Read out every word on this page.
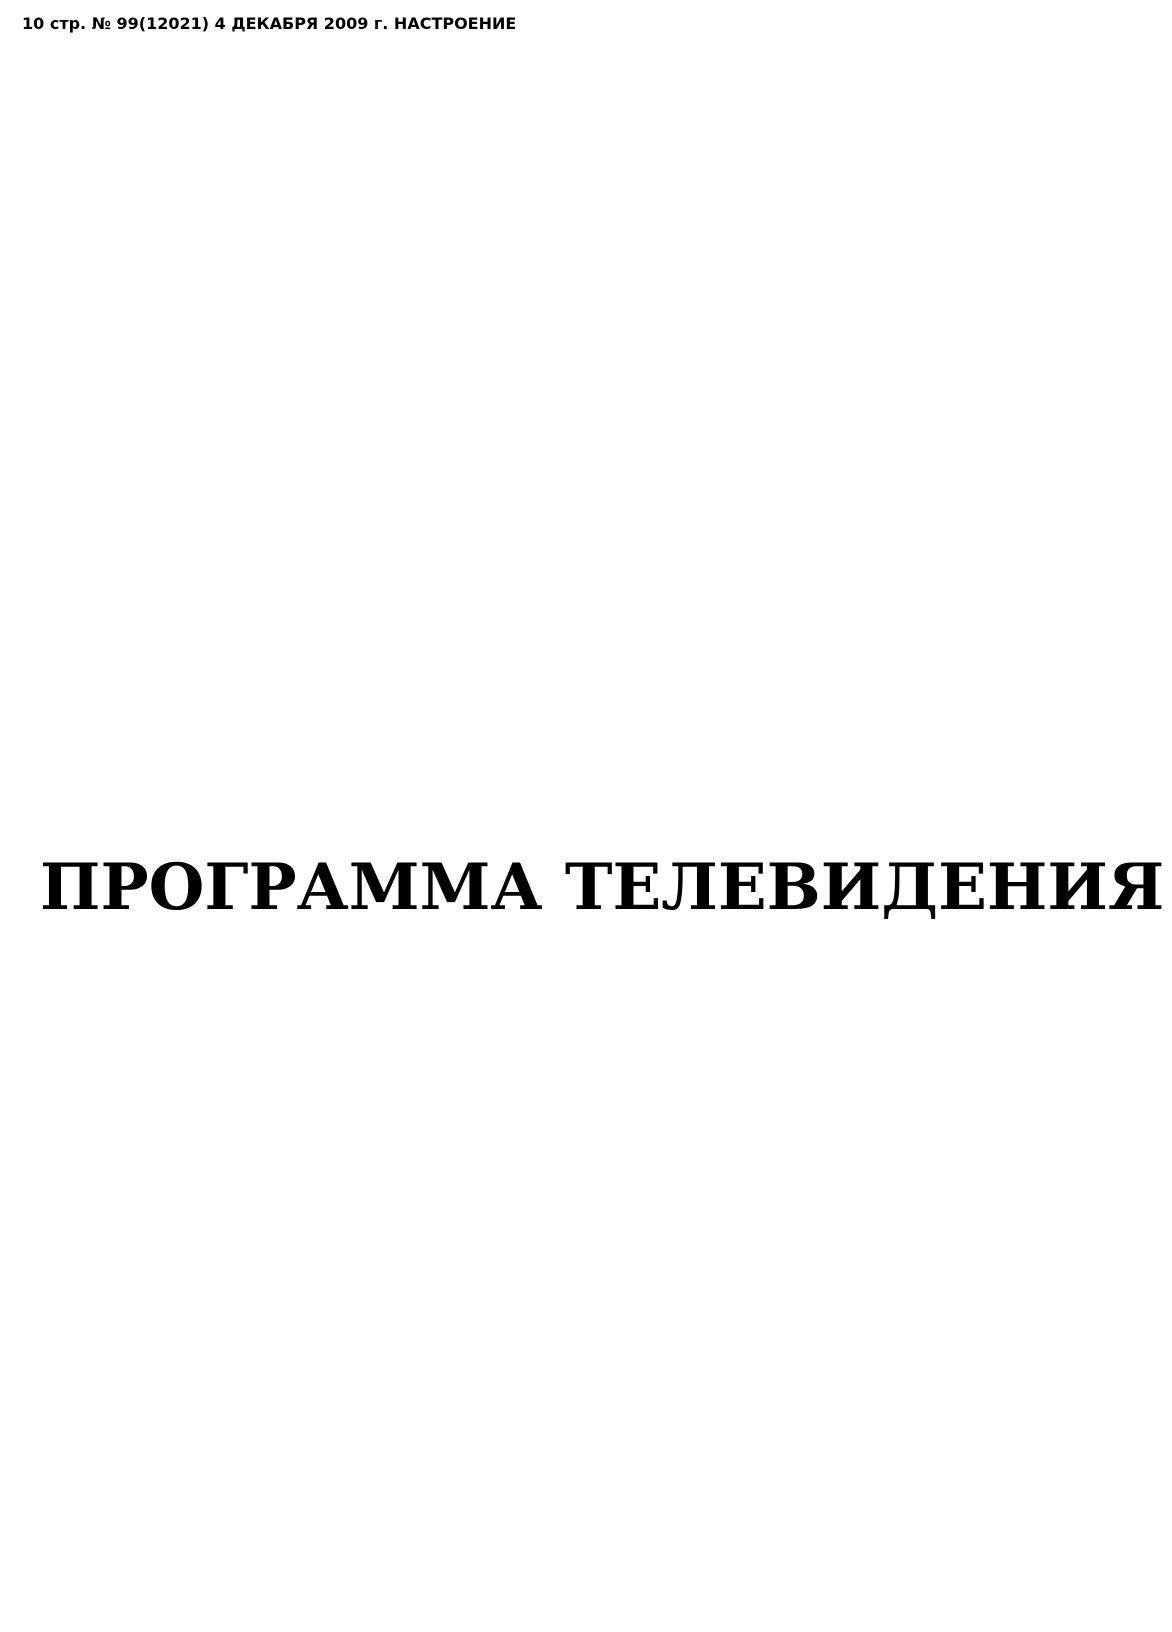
10 стр. № 99(12021) 4 ДЕКАБРЯ 2009 г. НАСТРОЕНИЕ
ПРОГРАММА ТЕЛЕВИДЕНИЯ
